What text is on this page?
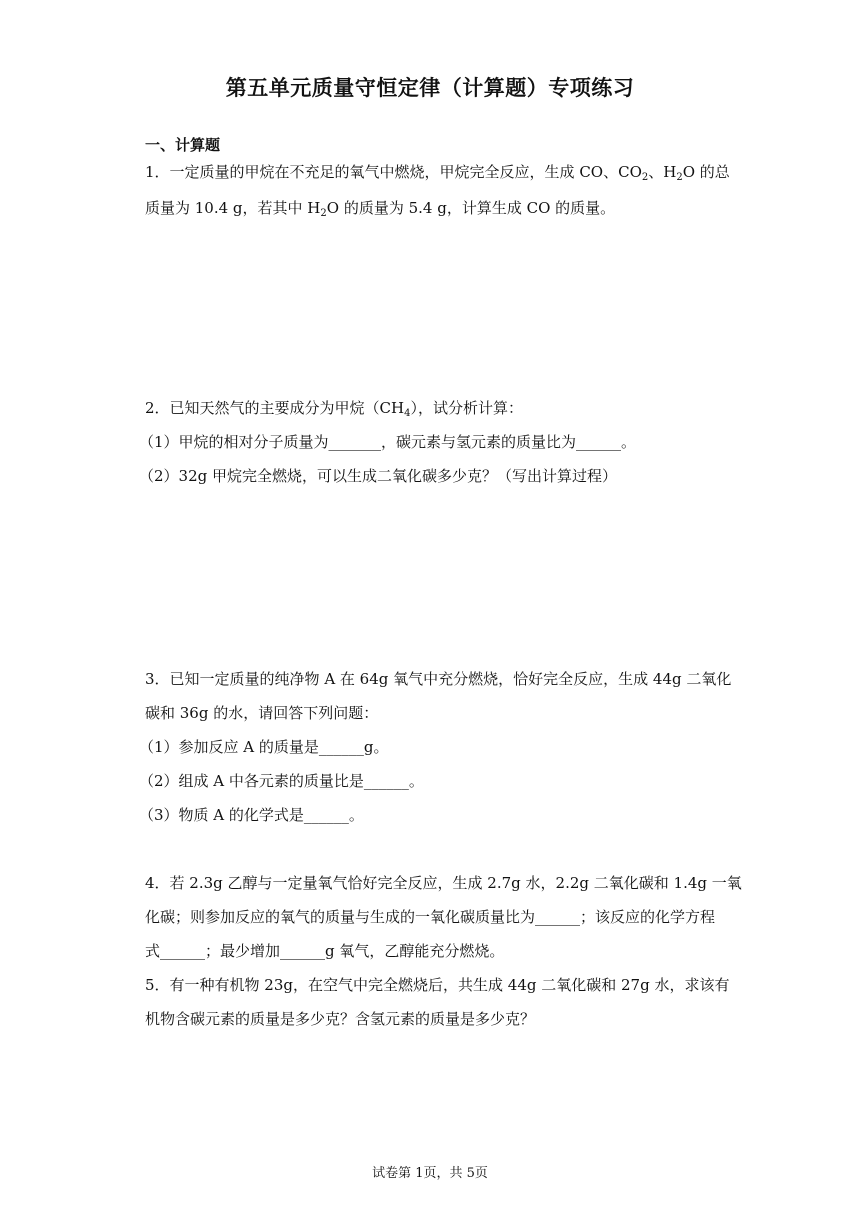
第五单元质量守恒定律（计算题）专项练习
一、计算题
1．一定质量的甲烷在不充足的氧气中燃烧，甲烷完全反应，生成 CO、$CO_2$、$H_2O$ 的总
质量为 10.4 g，若其中 $H_2O$ 的质量为 5.4 g，计算生成 CO 的质量。
2．已知天然气的主要成分为甲烷$(CH_4)$，试分析计算：
（1）甲烷的相对分子质量为_______，碳元素与氢元素的质量比为______。
（2）32g 甲烷完全燃烧，可以生成二氧化碳多少克？（写出计算过程）
3．已知一定质量的纯净物 A 在 64g 氧气中充分燃烧，恰好完全反应，生成 44g 二氧化
碳和 36g 的水，请回答下列问题：
（1）参加反应 A 的质量是______g。
（2）组成 A 中各元素的质量比是______。
（3）物质 A 的化学式是______。
4．若 2.3g 乙醇与一定量氧气恰好完全反应，生成 2.7g 水，2.2g 二氧化碳和 1.4g 一氧
化碳；则参加反应的氧气的质量与生成的一氧化碳质量比为______；该反应的化学方程
式______；最少增加______g 氧气，乙醇能充分燃烧。
5．有一种有机物 23g，在空气中完全燃烧后，共生成 44g 二氧化碳和 27g 水，求该有
机物含碳元素的质量是多少克？含氢元素的质量是多少克？
试卷第 1页，共 5页
